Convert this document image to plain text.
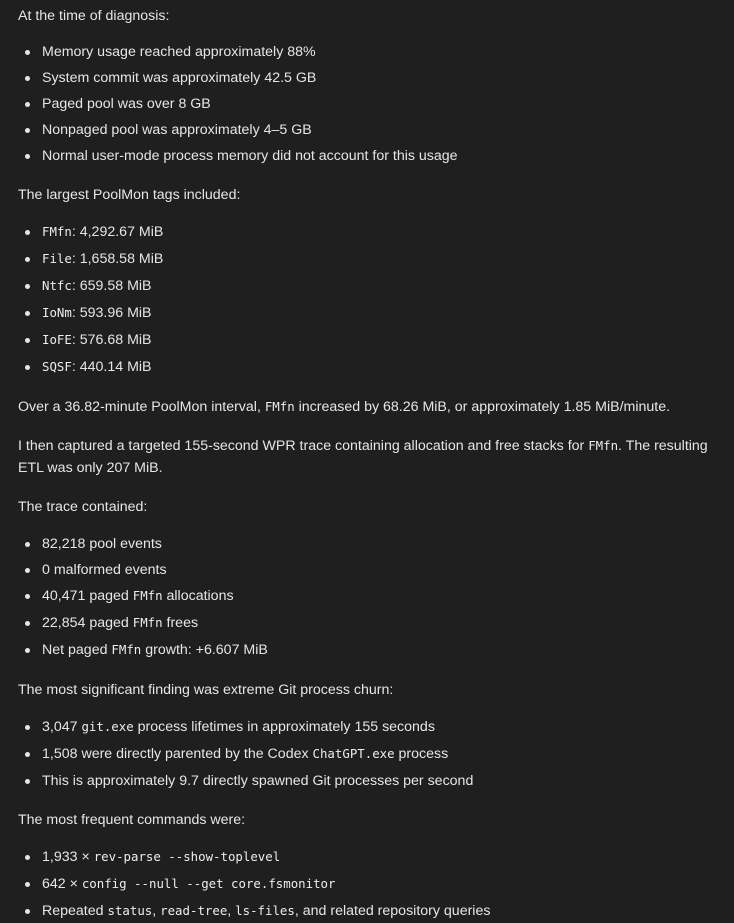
At the time of diagnosis:

Memory usage reached approximately 88%
System commit was approximately 42.5 GB
Paged pool was over 8 GB
Nonpaged pool was approximately 4–5 GB
Normal user-mode process memory did not account for this usage

The largest PoolMon tags included:

FMfn: 4,292.67 MiB
File: 1,658.58 MiB
Ntfc: 659.58 MiB
IoNm: 593.96 MiB
IoFE: 576.68 MiB
SQSF: 440.14 MiB

Over a 36.82-minute PoolMon interval, FMfn increased by 68.26 MiB, or approximately 1.85 MiB/minute.

I then captured a targeted 155-second WPR trace containing allocation and free stacks for FMfn. The resulting ETL was only 207 MiB.

The trace contained:

82,218 pool events
0 malformed events
40,471 paged FMfn allocations
22,854 paged FMfn frees
Net paged FMfn growth: +6.607 MiB

The most significant finding was extreme Git process churn:

3,047 git.exe process lifetimes in approximately 155 seconds
1,508 were directly parented by the Codex ChatGPT.exe process
This is approximately 9.7 directly spawned Git processes per second

The most frequent commands were:

1,933 × rev-parse --show-toplevel
642 × config --null --get core.fsmonitor
Repeated status, read-tree, ls-files, and related repository queries
